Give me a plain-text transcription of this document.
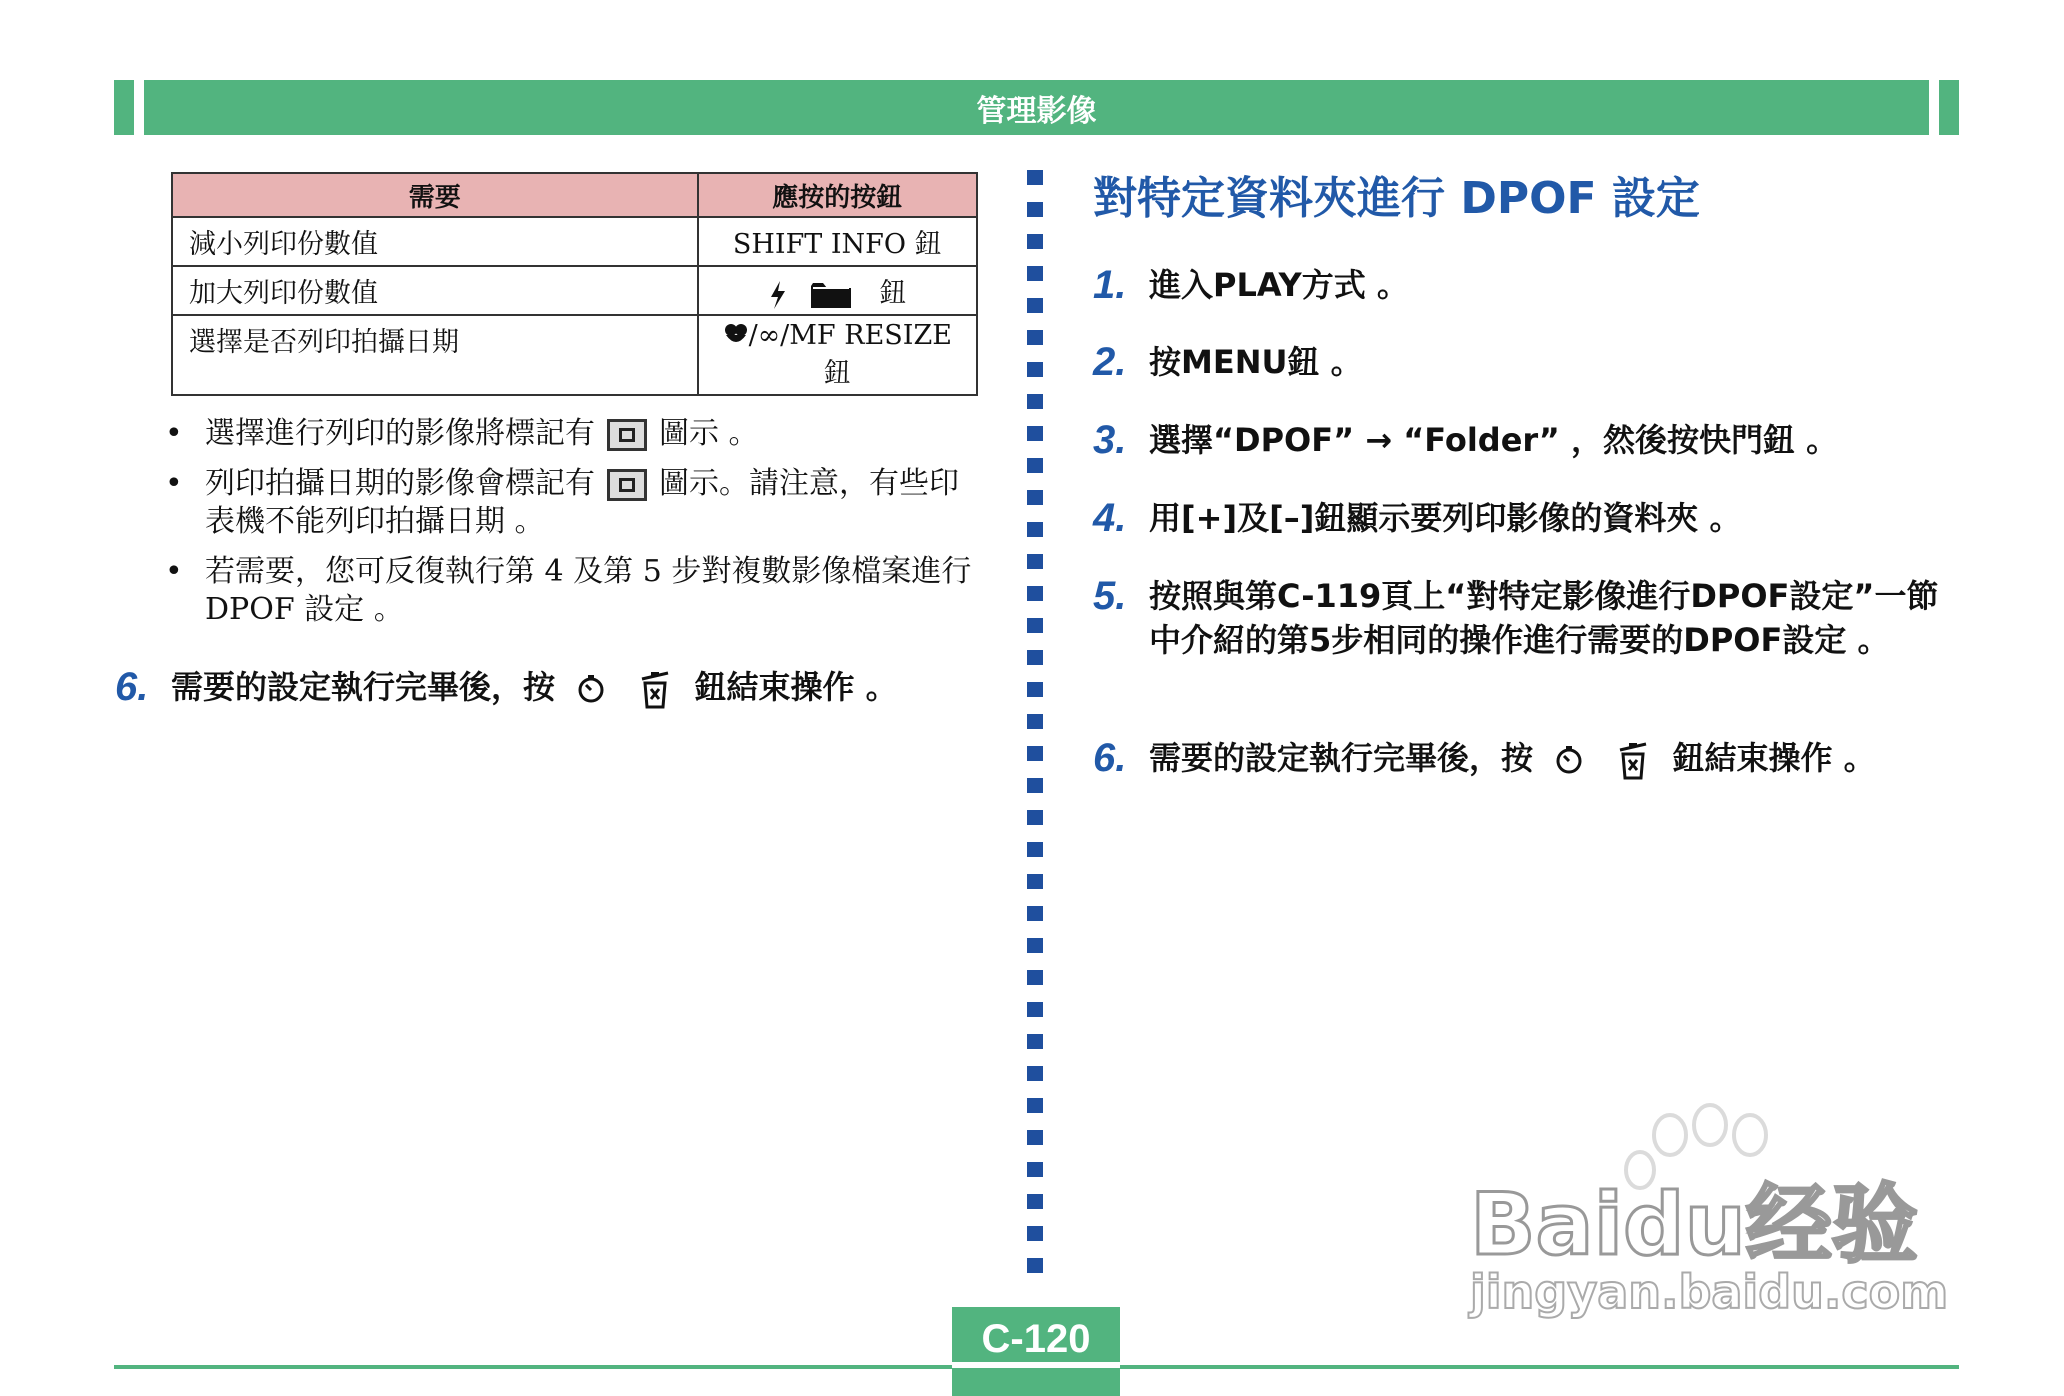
管理影像
需要	應按的按鈕
減小列印份數值	SHIFT INFO 鈕
加大列印份數值	鈕
選擇是否列印拍攝日期	/∞/MF RESIZE 鈕
• 選擇進行列印的影像將標記有 圖示 。
• 列印拍攝日期的影像會標記有 圖示。請注意，有些印表機不能列印拍攝日期 。
• 若需要，您可反復執行第 4 及第 5 步對複數影像檔案進行 DPOF 設定 。
6. 需要的設定執行完畢後，按	鈕結束操作 。
對特定資料夾進行 DPOF 設定
1. 進入PLAY方式 。
2. 按MENU鈕 。
3. 選擇“DPOF” → “Folder” ，然後按快門鈕 。
4. 用[+]及[–]鈕顯示要列印影像的資料夾 。
5. 按照與第C-119頁上“對特定影像進行DPOF設定”一節中介紹的第5步相同的操作進行需要的DPOF設定 。
6. 需要的設定執行完畢後，按	鈕結束操作 。
Baidu经验
jingyan.baidu.com
C-120
